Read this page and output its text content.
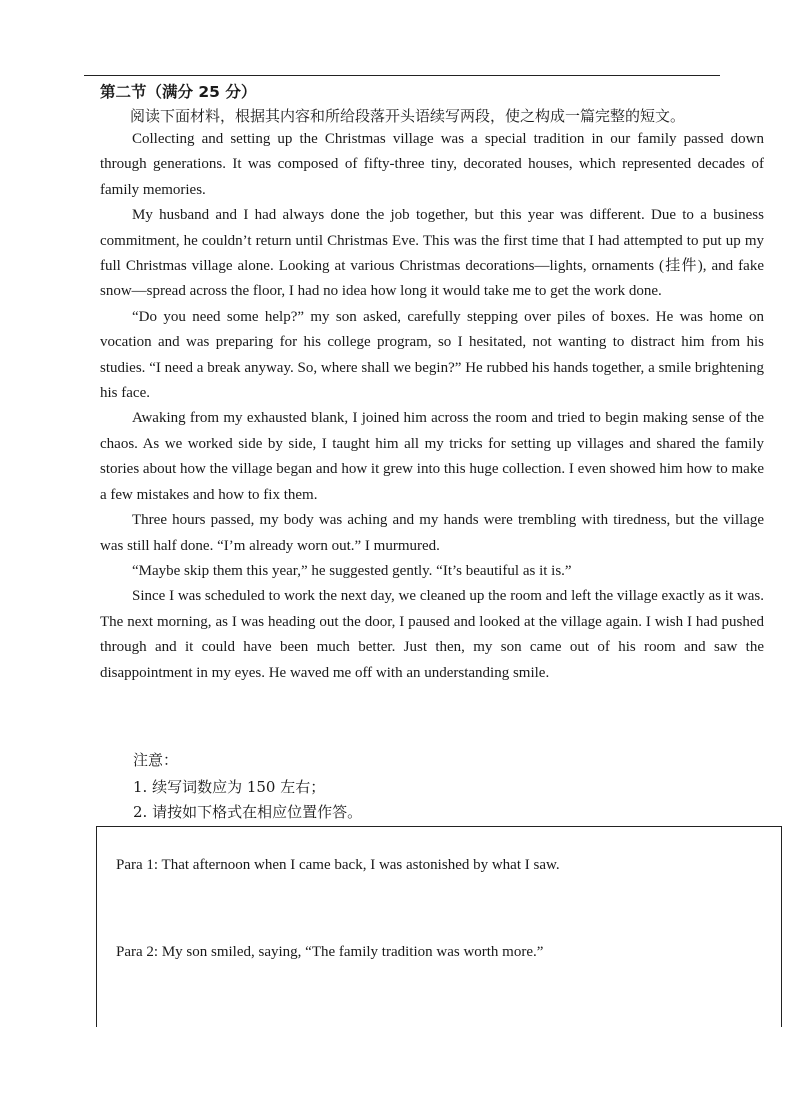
第二节（满分 25 分）
阅读下面材料，根据其内容和所给段落开头语续写两段，使之构成一篇完整的短文。

Collecting and setting up the Christmas village was a special tradition in our family passed down through generations. It was composed of fifty-three tiny, decorated houses, which represented decades of family memories.

My husband and I had always done the job together, but this year was different. Due to a business commitment, he couldn’t return until Christmas Eve. This was the first time that I had attempted to put up my full Christmas village alone. Looking at various Christmas decorations—lights, ornaments (挂件), and fake snow—spread across the floor, I had no idea how long it would take me to get the work done.

“Do you need some help?” my son asked, carefully stepping over piles of boxes. He was home on vocation and was preparing for his college program, so I hesitated, not wanting to distract him from his studies. “I need a break anyway. So, where shall we begin?” He rubbed his hands together, a smile brightening his face.

Awaking from my exhausted blank, I joined him across the room and tried to begin making sense of the chaos. As we worked side by side, I taught him all my tricks for setting up villages and shared the family stories about how the village began and how it grew into this huge collection. I even showed him how to make a few mistakes and how to fix them.

Three hours passed, my body was aching and my hands were trembling with tiredness, but the village was still half done. “I’m already worn out.” I murmured.

“Maybe skip them this year,” he suggested gently. “It’s beautiful as it is.”

Since I was scheduled to work the next day, we cleaned up the room and left the village exactly as it was. The next morning, as I was heading out the door, I paused and looked at the village again. I wish I had pushed through and it could have been much better. Just then, my son came out of his room and saw the disappointment in my eyes. He waved me off with an understanding smile.

注意：
1. 续写词数应为 150 左右；
2. 请按如下格式在相应位置作答。
Para 1: That afternoon when I came back, I was astonished by what I saw.
Para 2: My son smiled, saying, “The family tradition was worth more.”
